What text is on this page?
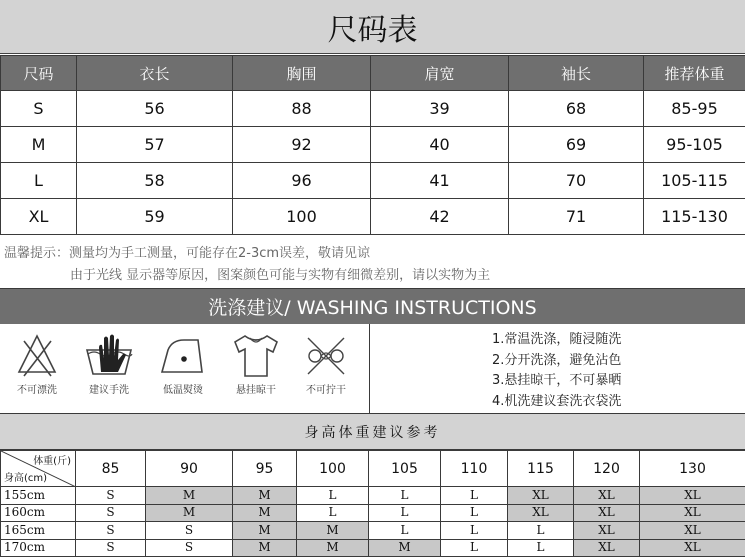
尺码表
尺码	衣长	胸围	肩宽	袖长	推荐体重
S	56	88	39	68	85-95
M	57	92	40	69	95-105
L	58	96	41	70	105-115
XL	59	100	42	71	115-130
温馨提示：测量均为手工测量，可能存在2-3cm误差，敬请见谅
由于光线 显示器等原因，图案颜色可能与实物有细微差别，请以实物为主
洗涤建议/ WASHING INSTRUCTIONS
不可漂洗	建议手洗	低温熨烫	悬挂晾干	不可拧干
1.常温洗涤，随浸随洗
2.分开洗涤，避免沾色
3.悬挂晾干，不可暴晒
4.机洗建议套洗衣袋洗
身高体重建议参考
体重(斤)
身高(cm)	85	90	95	100	105	110	115	120	130
155cm	S	M	M	L	L	L	XL	XL	XL
160cm	S	M	M	L	L	L	XL	XL	XL
165cm	S	S	M	M	L	L	L	XL	XL
170cm	S	S	M	M	M	L	L	XL	XL
